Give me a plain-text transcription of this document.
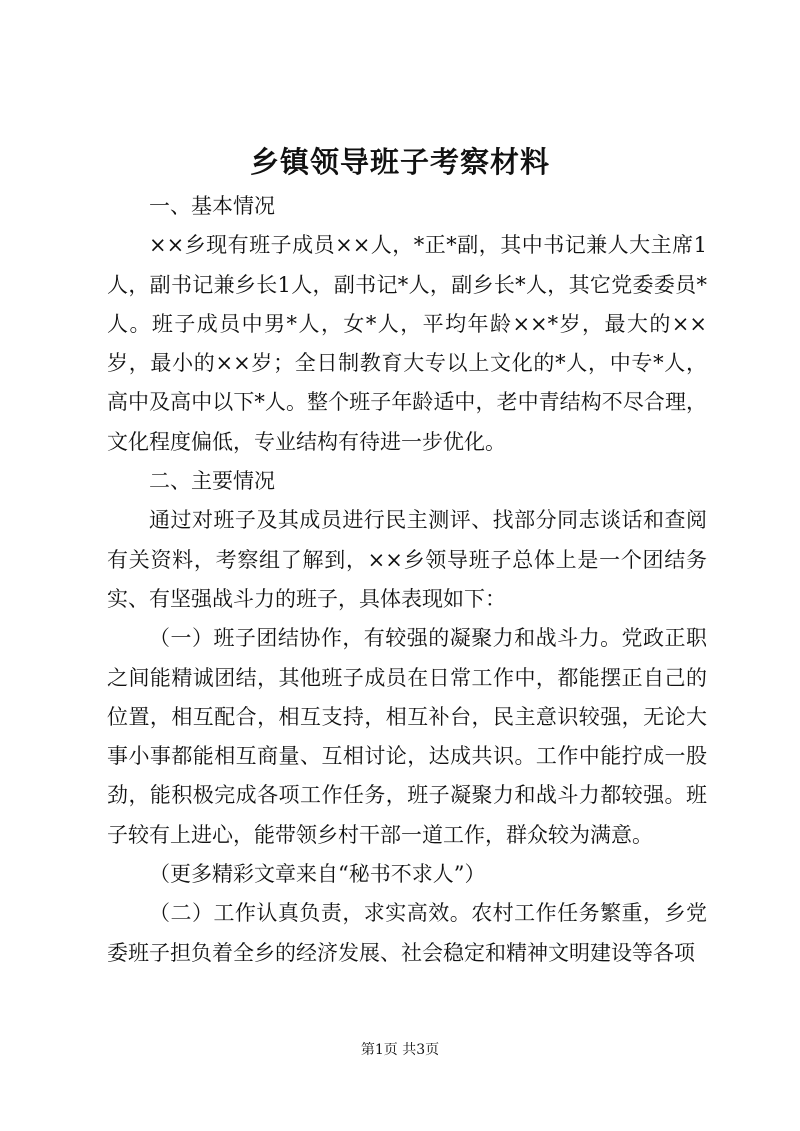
乡镇领导班子考察材料

一、基本情况

××乡现有班子成员××人，*正*副，其中书记兼人大主席1人，副书记兼乡长1人，副书记*人，副乡长*人，其它党委委员*人。班子成员中男*人，女*人，平均年龄××*岁，最大的××岁，最小的××岁；全日制教育大专以上文化的*人，中专*人，高中及高中以下*人。整个班子年龄适中，老中青结构不尽合理，文化程度偏低，专业结构有待进一步优化。

二、主要情况

通过对班子及其成员进行民主测评、找部分同志谈话和查阅有关资料，考察组了解到，××乡领导班子总体上是一个团结务实、有坚强战斗力的班子，具体表现如下：

（一）班子团结协作，有较强的凝聚力和战斗力。党政正职之间能精诚团结，其他班子成员在日常工作中，都能摆正自己的位置，相互配合，相互支持，相互补台，民主意识较强，无论大事小事都能相互商量、互相讨论，达成共识。工作中能拧成一股劲，能积极完成各项工作任务，班子凝聚力和战斗力都较强。班子较有上进心，能带领乡村干部一道工作，群众较为满意。

（更多精彩文章来自“秘书不求人”）

（二）工作认真负责，求实高效。农村工作任务繁重，乡党委班子担负着全乡的经济发展、社会稳定和精神文明建设等各项

第1页 共3页
